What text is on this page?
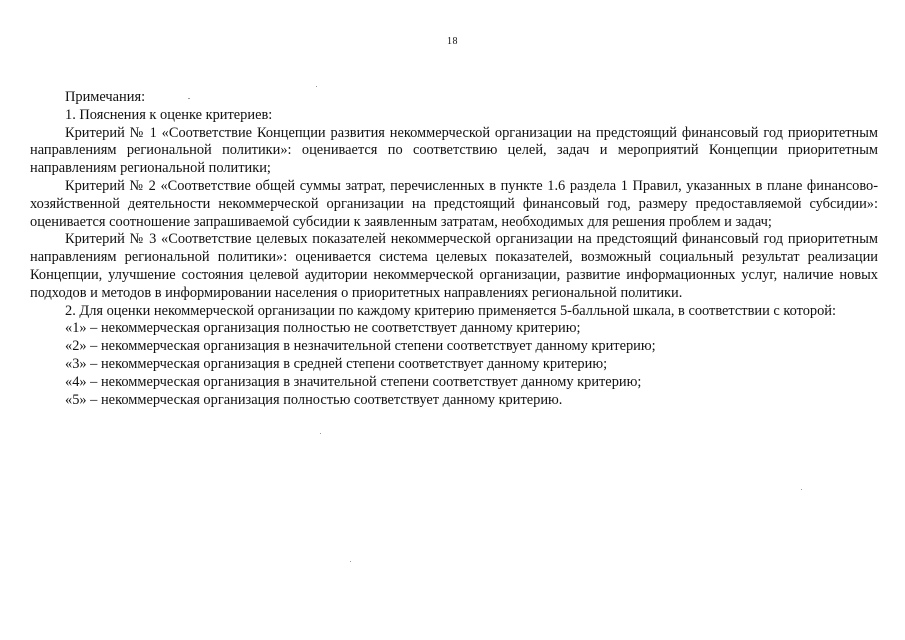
18

Примечания:

1. Пояснения к оценке критериев:

Критерий № 1 «Соответствие Концепции развития некоммерческой организации на предстоящий финансовый год приоритетным направлениям региональной политики»: оценивается по соответствию целей, задач и мероприятий Концепции приоритетным направлениям региональной политики;

Критерий № 2 «Соответствие общей суммы затрат, перечисленных в пункте 1.6 раздела 1 Правил, указанных в плане финансово-хозяйственной деятельности некоммерческой организации на предстоящий финансовый год, размеру предоставляемой субсидии»: оценивается соотношение запрашиваемой субсидии к заявленным затратам, необходимых для решения проблем и задач;

Критерий № 3 «Соответствие целевых показателей некоммерческой организации на предстоящий финансовый год приоритетным направлениям региональной политики»: оценивается система целевых показателей, возможный социальный результат реализации Концепции, улучшение состояния целевой аудитории некоммерческой организации, развитие информационных услуг, наличие новых подходов и методов в информировании населения о приоритетных направлениях региональной политики.

2. Для оценки некоммерческой организации по каждому критерию применяется 5-балльной шкала, в соответствии с которой:

«1» – некоммерческая организация полностью не соответствует данному критерию;

«2» – некоммерческая организация в незначительной степени соответствует данному критерию;

«3» – некоммерческая организация в средней степени соответствует данному критерию;

«4» – некоммерческая организация в значительной степени соответствует данному критерию;

«5» – некоммерческая организация полностью соответствует данному критерию.
